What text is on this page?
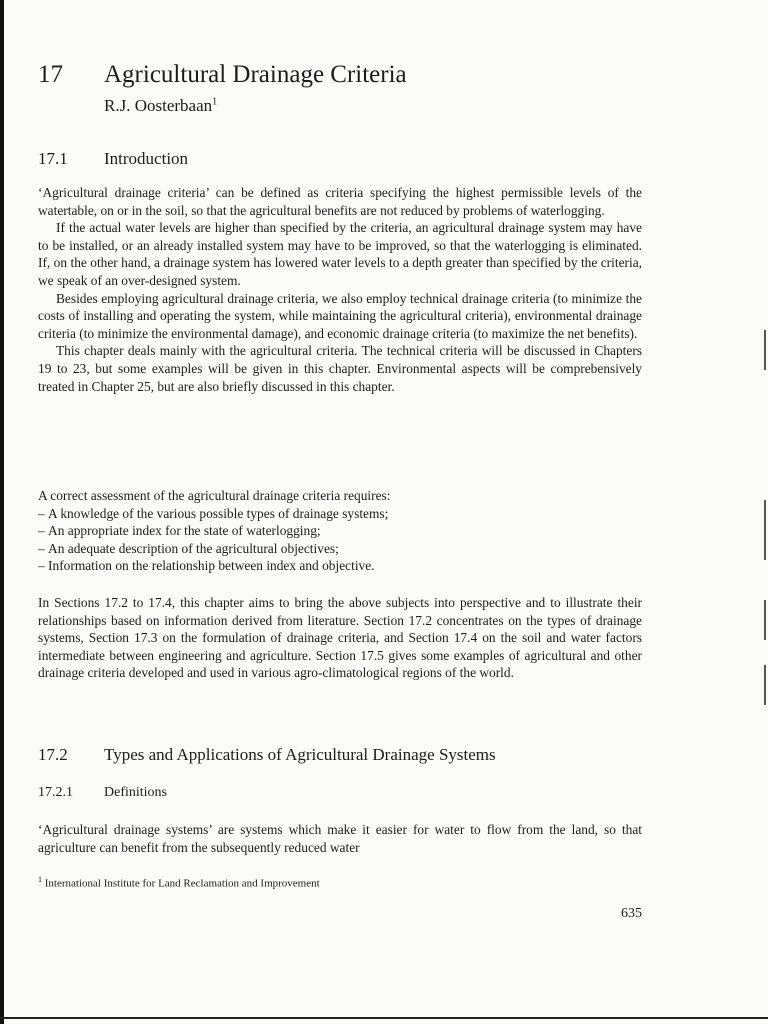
17 Agricultural Drainage Criteria
R.J. Oosterbaan$^1$
17.1 Introduction

‘Agricultural drainage criteria’ can be defined as criteria specifying the highest permissible levels of the watertable, on or in the soil, so that the agricultural benefits are not reduced by problems of waterlogging.

If the actual water levels are higher than specified by the criteria, an agricultural drainage system may have to be installed, or an already installed system may have to be improved, so that the waterlogging is eliminated. If, on the other hand, a drainage system has lowered water levels to a depth greater than specified by the criteria, we speak of an over-designed system.

Besides employing agricultural drainage criteria, we also employ technical drainage criteria (to minimize the costs of installing and operating the system, while maintaining the agricultural criteria), environmental drainage criteria (to minimize the environmental damage), and economic drainage criteria (to maximize the net benefits).

This chapter deals mainly with the agricultural criteria. The technical criteria will be discussed in Chapters 19 to 23, but some examples will be given in this chapter. Environmental aspects will be comprebensively treated in Chapter 25, but are also briefly discussed in this chapter.

A correct assessment of the agricultural drainage criteria requires:

– A knowledge of the various possible types of drainage systems;
– An appropriate index for the state of waterlogging;
– An adequate description of the agricultural objectives;
– Information on the relationship between index and objective.

In Sections 17.2 to 17.4, this chapter aims to bring the above subjects into perspective and to illustrate their relationships based on information derived from literature. Section 17.2 concentrates on the types of drainage systems, Section 17.3 on the formulation of drainage criteria, and Section 17.4 on the soil and water factors intermediate between engineering and agriculture. Section 17.5 gives some examples of agricultural and other drainage criteria developed and used in various agro-climatological regions of the world.

17.2 Types and Applications of Agricultural Drainage Systems
17.2.1 Definitions

‘Agricultural drainage systems’ are systems which make it easier for water to flow from the land, so that agriculture can benefit from the subsequently reduced water

$^1$ International Institute for Land Reclamation and Improvement
635
